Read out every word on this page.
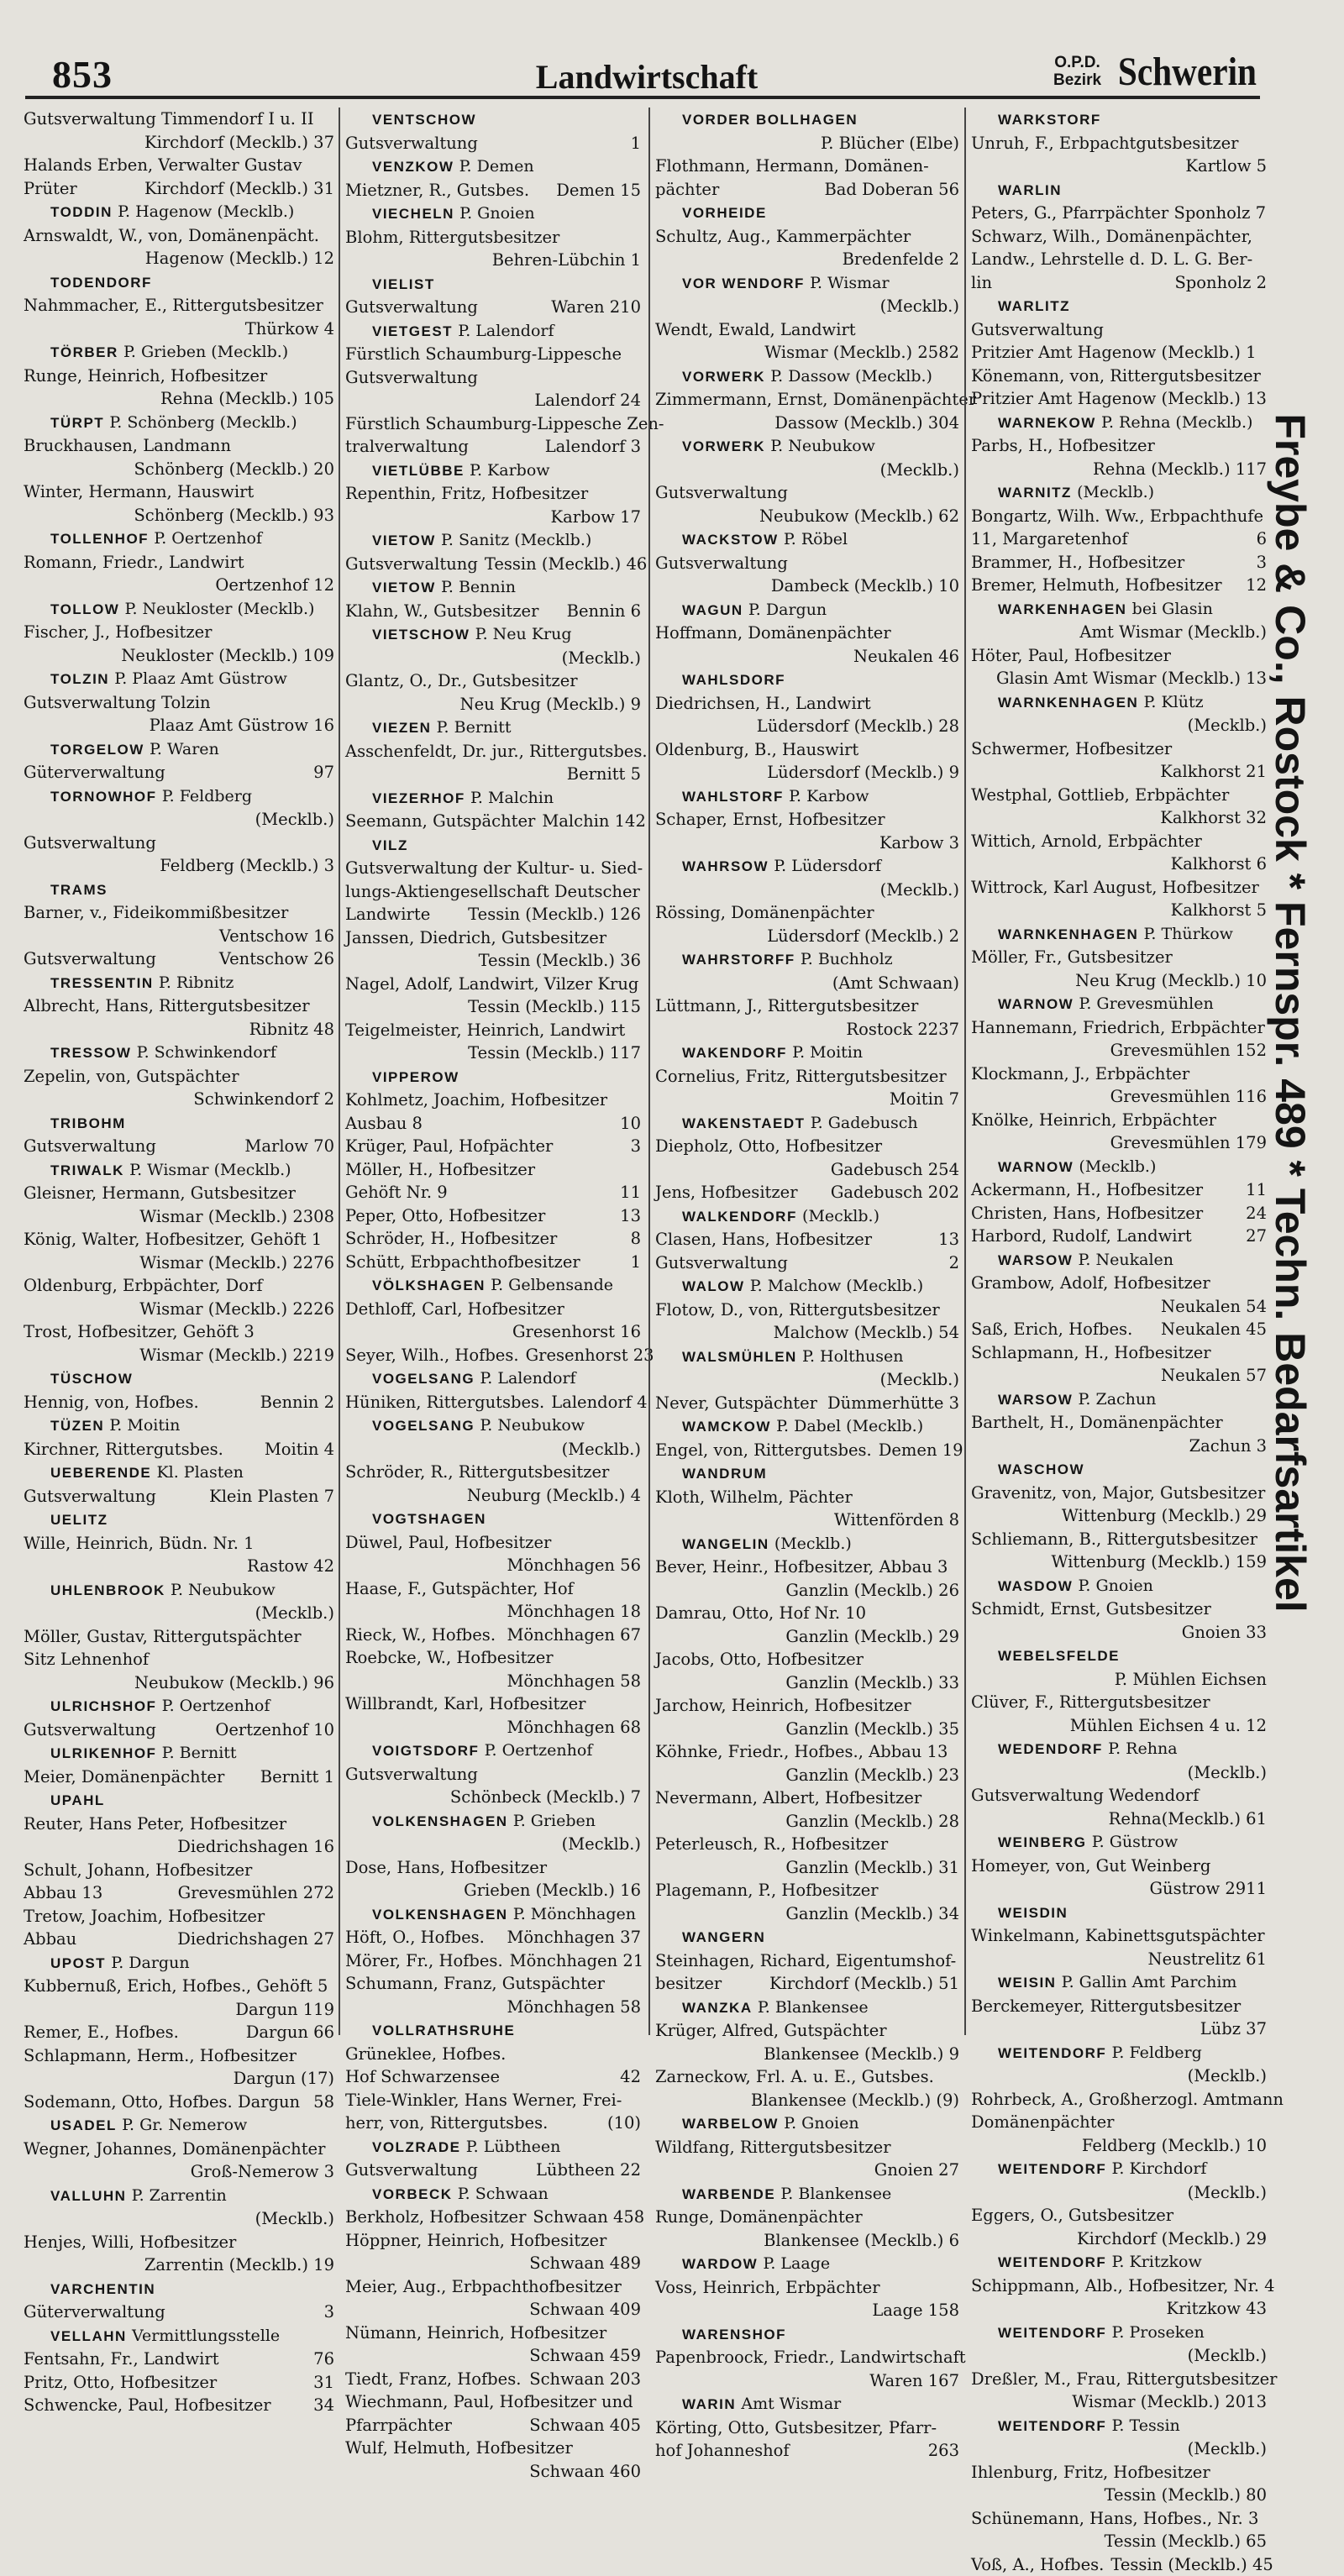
853	Landwirtschaft	O.P.D.
Bezirk Schwerin
Gutsverwaltung Timmendorf I u. II
Kirchdorf (Mecklb.) 37
Halands Erben, Verwalter Gustav
Prüter	Kirchdorf (Mecklb.) 31
TODDIN P. Hagenow (Mecklb.)
Arnswaldt, W., von, Domänenpächt.
Hagenow (Mecklb.) 12
TODENDORF
Nahmmacher, E., Rittergutsbesitzer
Thürkow 4
TÖRBER P. Grieben (Mecklb.)
Runge, Heinrich, Hofbesitzer
Rehna (Mecklb.) 105
TÜRPT P. Schönberg (Mecklb.)
Bruckhausen, Landmann
Schönberg (Mecklb.) 20
Winter, Hermann, Hauswirt
Schönberg (Mecklb.) 93
TOLLENHOF P. Oertzenhof
Romann, Friedr., Landwirt
Oertzenhof 12
TOLLOW P. Neukloster (Mecklb.)
Fischer, J., Hofbesitzer
Neukloster (Mecklb.) 109
TOLZIN P. Plaaz Amt Güstrow
Gutsverwaltung Tolzin
Plaaz Amt Güstrow 16
TORGELOW P. Waren
Güterverwaltung	97
TORNOWHOF P. Feldberg
(Mecklb.)
Gutsverwaltung
Feldberg (Mecklb.) 3
TRAMS
Barner, v., Fideikommißbesitzer
Ventschow 16
Gutsverwaltung	Ventschow 26
TRESSENTIN P. Ribnitz
Albrecht, Hans, Rittergutsbesitzer
Ribnitz 48
TRESSOW P. Schwinkendorf
Zepelin, von, Gutspächter
Schwinkendorf 2
TRIBOHM
Gutsverwaltung	Marlow 70
TRIWALK P. Wismar (Mecklb.)
Gleisner, Hermann, Gutsbesitzer
Wismar (Mecklb.) 2308
König, Walter, Hofbesitzer, Gehöft 1
Wismar (Mecklb.) 2276
Oldenburg, Erbpächter, Dorf
Wismar (Mecklb.) 2226
Trost, Hofbesitzer, Gehöft 3
Wismar (Mecklb.) 2219
TÜSCHOW
Hennig, von, Hofbes.	Bennin 2
TÜZEN P. Moitin
Kirchner, Rittergutsbes.	Moitin 4
UEBERENDE Kl. Plasten
Gutsverwaltung	Klein Plasten 7
UELITZ
Wille, Heinrich, Büdn. Nr. 1
Rastow 42
UHLENBROOK P. Neubukow
(Mecklb.)
Möller, Gustav, Rittergutspächter
Sitz Lehnenhof
Neubukow (Mecklb.) 96
ULRICHSHOF P. Oertzenhof
Gutsverwaltung	Oertzenhof 10
ULRIKENHOF P. Bernitt
Meier, Domänenpächter Bernitt 1
UPAHL
Reuter, Hans Peter, Hofbesitzer
Diedrichshagen 16
Schult, Johann, Hofbesitzer
Abbau 13	Grevesmühlen 272
Tretow, Joachim, Hofbesitzer
Abbau	Diedrichshagen 27
UPOST P. Dargun
Kubbernuß, Erich, Hofbes., Gehöft 5
Dargun 119
Remer, E., Hofbes.	Dargun 66
Schlapmann, Herm., Hofbesitzer
Dargun (17)
Sodemann, Otto, Hofbes. Dargun 58
USADEL P. Gr. Nemerow
Wegner, Johannes, Domänenpächter
Groß-Nemerow 3
VALLUHN P. Zarrentin
(Mecklb.)
Henjes, Willi, Hofbesitzer
Zarrentin (Mecklb.) 19
VARCHENTIN
Güterverwaltung	3
VELLAHN Vermittlungsstelle
Fentsahn, Fr., Landwirt	76
Pritz, Otto, Hofbesitzer	31
Schwencke, Paul, Hofbesitzer	34
VENTSCHOW
Gutsverwaltung	1
VENZKOW P. Demen
Mietzner, R., Gutsbes. Demen 15
VIECHELN P. Gnoien
Blohm, Rittergutsbesitzer
Behren-Lübchin 1
VIELIST
Gutsverwaltung	Waren 210
VIETGEST P. Lalendorf
Fürstlich Schaumburg-Lippesche
Gutsverwaltung
Lalendorf 24
Fürstlich Schaumburg-Lippesche Zen-
tralverwaltung	Lalendorf 3
VIETLÜBBE P. Karbow
Repenthin, Fritz, Hofbesitzer
Karbow 17
VIETOW P. Sanitz (Mecklb.)
Gutsverwaltung Tessin (Mecklb.) 46
VIETOW P. Bennin
Klahn, W., Gutsbesitzer Bennin 6
VIETSCHOW P. Neu Krug
(Mecklb.)
Glantz, O., Dr., Gutsbesitzer
Neu Krug (Mecklb.) 9
VIEZEN P. Bernitt
Asschenfeldt, Dr. jur., Rittergutsbes.
Bernitt 5
VIEZERHOF P. Malchin
Seemann, Gutspächter Malchin 142
VILZ
Gutsverwaltung der Kultur- u. Sied-
lungs-Aktiengesellschaft Deutscher
Landwirte Tessin (Mecklb.) 126
Janssen, Diedrich, Gutsbesitzer
Tessin (Mecklb.) 36
Nagel, Adolf, Landwirt, Vilzer Krug
Tessin (Mecklb.) 115
Teigelmeister, Heinrich, Landwirt
Tessin (Mecklb.) 117
VIPPEROW
Kohlmetz, Joachim, Hofbesitzer
Ausbau 8	10
Krüger, Paul, Hofpächter	3
Möller, H., Hofbesitzer
Gehöft Nr. 9	11
Peper, Otto, Hofbesitzer	13
Schröder, H., Hofbesitzer	8
Schütt, Erbpachthofbesitzer	1
VÖLKSHAGEN P. Gelbensande
Dethloff, Carl, Hofbesitzer
Gresenhorst 16
Seyer, Wilh., Hofbes. Gresenhorst 23
VOGELSANG P. Lalendorf
Hüniken, Rittergutsbes. Lalendorf 4
VOGELSANG P. Neubukow
(Mecklb.)
Schröder, R., Rittergutsbesitzer
Neuburg (Mecklb.) 4
VOGTSHAGEN
Düwel, Paul, Hofbesitzer
Mönchhagen 56
Haase, F., Gutspächter, Hof
Mönchhagen 18
Rieck, W., Hofbes. Mönchhagen 67
Roebcke, W., Hofbesitzer
Mönchhagen 58
Willbrandt, Karl, Hofbesitzer
Mönchhagen 68
VOIGTSDORF P. Oertzenhof
Gutsverwaltung
Schönbeck (Mecklb.) 7
VOLKENSHAGEN P. Grieben
(Mecklb.)
Dose, Hans, Hofbesitzer
Grieben (Mecklb.) 16
VOLKENSHAGEN P. Mönchhagen
Höft, O., Hofbes. Mönchhagen 37
Mörer, Fr., Hofbes. Mönchhagen 21
Schumann, Franz, Gutspächter
Mönchhagen 58
VOLLRATHSRUHE
Grüneklee, Hofbes.
Hof Schwarzensee	42
Tiele-Winkler, Hans Werner, Frei-
herr, von, Rittergutsbes.	(10)
VOLZRADE P. Lübtheen
Gutsverwaltung	Lübtheen 22
VORBECK P. Schwaan
Berkholz, Hofbesitzer Schwaan 458
Höppner, Heinrich, Hofbesitzer
Schwaan 489
Meier, Aug., Erbpachthofbesitzer
Schwaan 409
Nümann, Heinrich, Hofbesitzer
Schwaan 459
Tiedt, Franz, Hofbes. Schwaan 203
Wiechmann, Paul, Hofbesitzer und
Pfarrpächter	Schwaan 405
Wulf, Helmuth, Hofbesitzer
Schwaan 460
VORDER BOLLHAGEN
P. Blücher (Elbe)
Flothmann, Hermann, Domänen-
pächter	Bad Doberan 56
VORHEIDE
Schultz, Aug., Kammerpächter
Bredenfelde 2
VOR WENDORF P. Wismar
(Mecklb.)
Wendt, Ewald, Landwirt
Wismar (Mecklb.) 2582
VORWERK P. Dassow (Mecklb.)
Zimmermann, Ernst, Domänenpächter
Dassow (Mecklb.) 304
VORWERK P. Neubukow
(Mecklb.)
Gutsverwaltung
Neubukow (Mecklb.) 62
WACKSTOW P. Röbel
Gutsverwaltung
Dambeck (Mecklb.) 10
WAGUN P. Dargun
Hoffmann, Domänenpächter
Neukalen 46
WAHLSDORF
Diedrichsen, H., Landwirt
Lüdersdorf (Mecklb.) 28
Oldenburg, B., Hauswirt
Lüdersdorf (Mecklb.) 9
WAHLSTORF P. Karbow
Schaper, Ernst, Hofbesitzer
Karbow 3
WAHRSOW P. Lüdersdorf
(Mecklb.)
Rössing, Domänenpächter
Lüdersdorf (Mecklb.) 2
WAHRSTORFF P. Buchholz
(Amt Schwaan)
Lüttmann, J., Rittergutsbesitzer
Rostock 2237
WAKENDORF P. Moitin
Cornelius, Fritz, Rittergutsbesitzer
Moitin 7
WAKENSTAEDT P. Gadebusch
Diepholz, Otto, Hofbesitzer
Gadebusch 254
Jens, Hofbesitzer Gadebusch 202
WALKENDORF (Mecklb.)
Clasen, Hans, Hofbesitzer	13
Gutsverwaltung	2
WALOW P. Malchow (Mecklb.)
Flotow, D., von, Rittergutsbesitzer
Malchow (Mecklb.) 54
WALSMÜHLEN P. Holthusen
(Mecklb.)
Never, Gutspächter Dümmerhütte 3
WAMCKOW P. Dabel (Mecklb.)
Engel, von, Rittergutsbes. Demen 19
WANDRUM
Kloth, Wilhelm, Pächter
Wittenförden 8
WANGELIN (Mecklb.)
Bever, Heinr., Hofbesitzer, Abbau 3
Ganzlin (Mecklb.) 26
Damrau, Otto, Hof Nr. 10
Ganzlin (Mecklb.) 29
Jacobs, Otto, Hofbesitzer
Ganzlin (Mecklb.) 33
Jarchow, Heinrich, Hofbesitzer
Ganzlin (Mecklb.) 35
Köhnke, Friedr., Hofbes., Abbau 13
Ganzlin (Mecklb.) 23
Nevermann, Albert, Hofbesitzer
Ganzlin (Mecklb.) 28
Peterleusch, R., Hofbesitzer
Ganzlin (Mecklb.) 31
Plagemann, P., Hofbesitzer
Ganzlin (Mecklb.) 34
WANGERN
Steinhagen, Richard, Eigentumshof-
besitzer	Kirchdorf (Mecklb.) 51
WANZKA P. Blankensee
Krüger, Alfred, Gutspächter
Blankensee (Mecklb.) 9
Zarneckow, Frl. A. u. E., Gutsbes.
Blankensee (Mecklb.) (9)
WARBELOW P. Gnoien
Wildfang, Rittergutsbesitzer
Gnoien 27
WARBENDE P. Blankensee
Runge, Domänenpächter
Blankensee (Mecklb.) 6
WARDOW P. Laage
Voss, Heinrich, Erbpächter
Laage 158
WARENSHOF
Papenbroock, Friedr., Landwirtschaft
Waren 167
WARIN Amt Wismar
Körting, Otto, Gutsbesitzer, Pfarr-
hof Johanneshof	263
WARKSTORF
Unruh, F., Erbpachtgutsbesitzer
Kartlow 5
WARLIN
Peters, G., Pfarrpächter Sponholz 7
Schwarz, Wilh., Domänenpächter,
Landw., Lehrstelle d. D. L. G. Ber-
lin	Sponholz 2
WARLITZ
Gutsverwaltung
Pritzier Amt Hagenow (Mecklb.) 1
Könemann, von, Rittergutsbesitzer
Pritzier Amt Hagenow (Mecklb.) 13
WARNEKOW P. Rehna (Mecklb.)
Parbs, H., Hofbesitzer
Rehna (Mecklb.) 117
WARNITZ (Mecklb.)
Bongartz, Wilh. Ww., Erbpachthufe
11, Margaretenhof	6
Brammer, H., Hofbesitzer	3
Bremer, Helmuth, Hofbesitzer 12
WARKENHAGEN bei Glasin
Amt Wismar (Mecklb.)
Höter, Paul, Hofbesitzer
Glasin Amt Wismar (Mecklb.) 13
WARNKENHAGEN P. Klütz
(Mecklb.)
Schwermer, Hofbesitzer
Kalkhorst 21
Westphal, Gottlieb, Erbpächter
Kalkhorst 32
Wittich, Arnold, Erbpächter
Kalkhorst 6
Wittrock, Karl August, Hofbesitzer
Kalkhorst 5
WARNKENHAGEN P. Thürkow
Möller, Fr., Gutsbesitzer
Neu Krug (Mecklb.) 10
WARNOW P. Grevesmühlen
Hannemann, Friedrich, Erbpächter
Grevesmühlen 152
Klockmann, J., Erbpächter
Grevesmühlen 116
Knölke, Heinrich, Erbpächter
Grevesmühlen 179
WARNOW (Mecklb.)
Ackermann, H., Hofbesitzer	11
Christen, Hans, Hofbesitzer	24
Harbord, Rudolf, Landwirt	27
WARSOW P. Neukalen
Grambow, Adolf, Hofbesitzer
Neukalen 54
Saß, Erich, Hofbes. Neukalen 45
Schlapmann, H., Hofbesitzer
Neukalen 57
WARSOW P. Zachun
Barthelt, H., Domänenpächter
Zachun 3
WASCHOW
Gravenitz, von, Major, Gutsbesitzer
Wittenburg (Mecklb.) 29
Schliemann, B., Rittergutsbesitzer
Wittenburg (Mecklb.) 159
WASDOW P. Gnoien
Schmidt, Ernst, Gutsbesitzer
Gnoien 33
WEBELSFELDE
P. Mühlen Eichsen
Clüver, F., Rittergutsbesitzer
Mühlen Eichsen 4 u. 12
WEDENDORF P. Rehna
(Mecklb.)
Gutsverwaltung Wedendorf
Rehna(Mecklb.) 61
WEINBERG P. Güstrow
Homeyer, von, Gut Weinberg
Güstrow 2911
WEISDIN
Winkelmann, Kabinettsgutspächter
Neustrelitz 61
WEISIN P. Gallin Amt Parchim
Berckemeyer, Rittergutsbesitzer
Lübz 37
WEITENDORF P. Feldberg
(Mecklb.)
Rohrbeck, A., Großherzogl. Amtmann
Domänenpächter
Feldberg (Mecklb.) 10
WEITENDORF P. Kirchdorf
(Mecklb.)
Eggers, O., Gutsbesitzer
Kirchdorf (Mecklb.) 29
WEITENDORF P. Kritzkow
Schippmann, Alb., Hofbesitzer, Nr. 4
Kritzkow 43
WEITENDORF P. Proseken
(Mecklb.)
Dreßler, M., Frau, Rittergutsbesitzer
Wismar (Mecklb.) 2013
WEITENDORF P. Tessin
(Mecklb.)
Ihlenburg, Fritz, Hofbesitzer
Tessin (Mecklb.) 80
Schünemann, Hans, Hofbes., Nr. 3
Tessin (Mecklb.) 65
Voß, A., Hofbes. Tessin (Mecklb.) 45
Freybe & Co., Rostock * Fernspr. 489 * Techn. Bedarfsartikel
